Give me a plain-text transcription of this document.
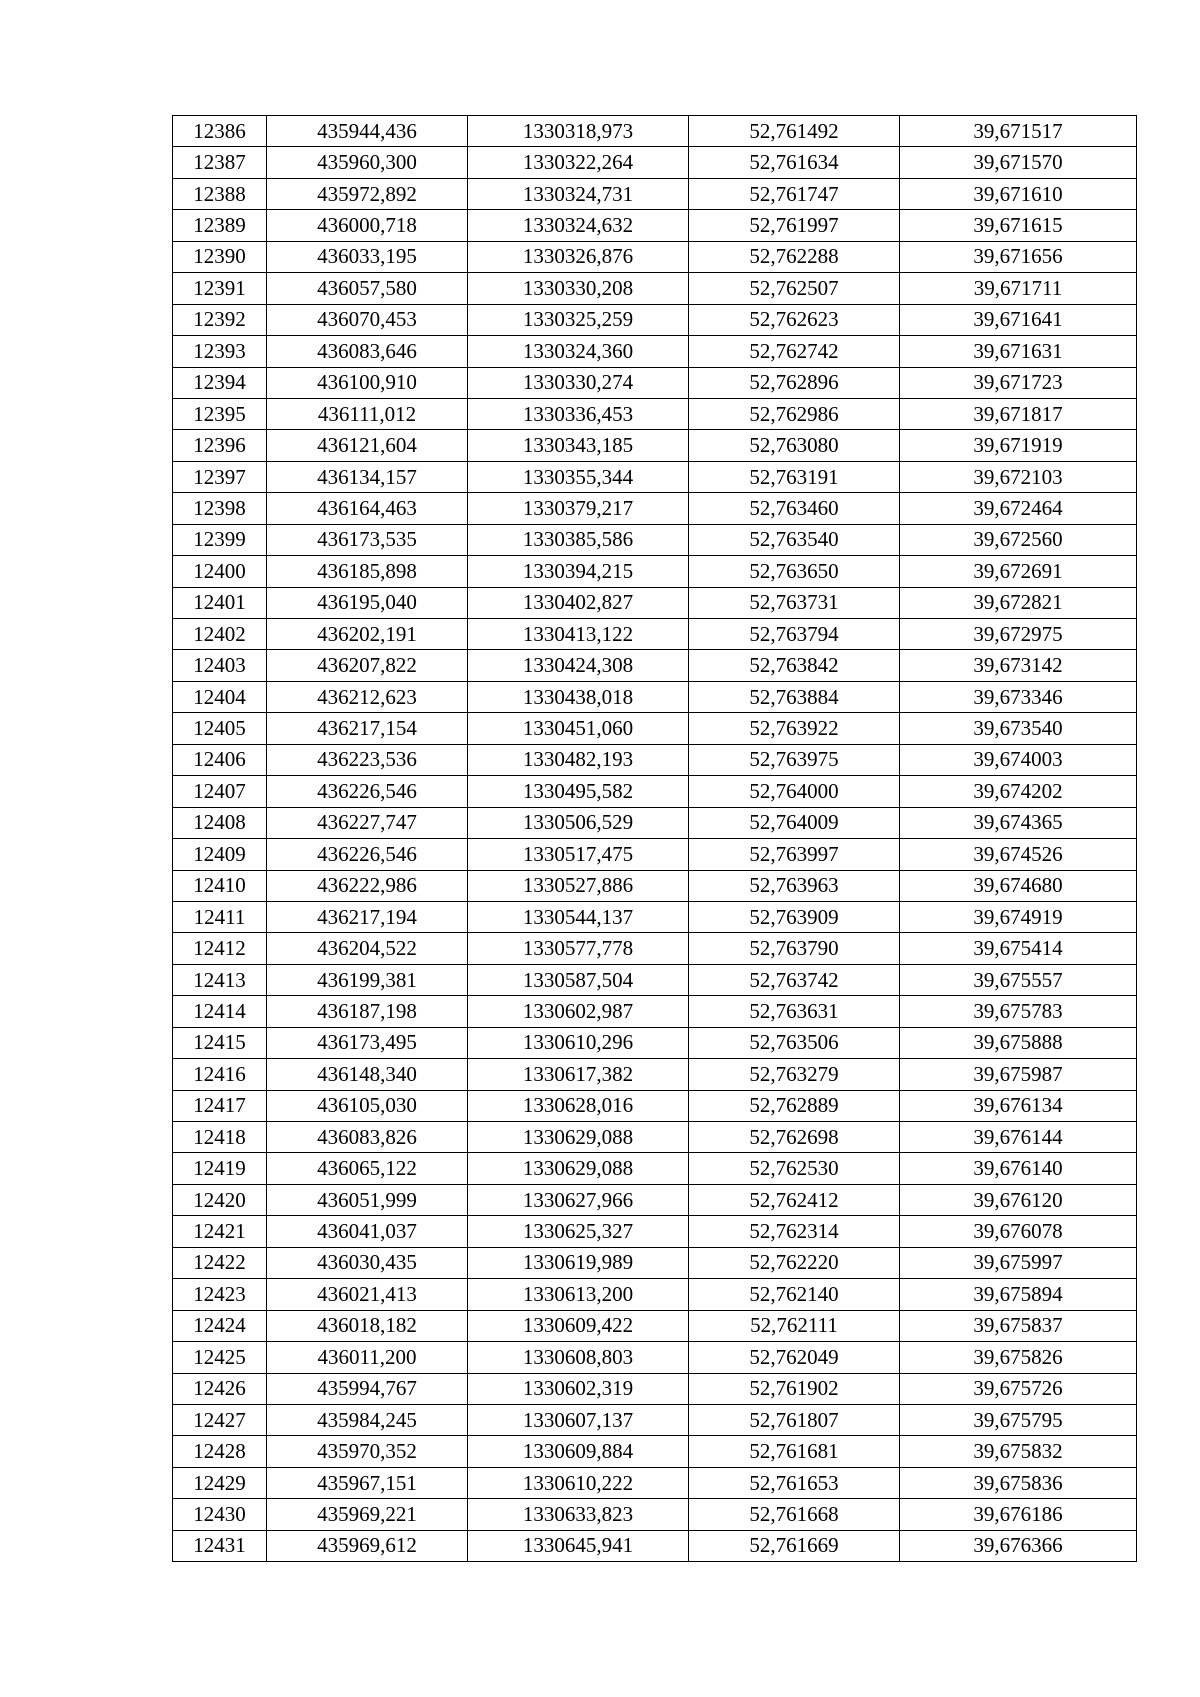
12386	435944,436	1330318,973	52,761492	39,671517
12387	435960,300	1330322,264	52,761634	39,671570
12388	435972,892	1330324,731	52,761747	39,671610
12389	436000,718	1330324,632	52,761997	39,671615
12390	436033,195	1330326,876	52,762288	39,671656
12391	436057,580	1330330,208	52,762507	39,671711
12392	436070,453	1330325,259	52,762623	39,671641
12393	436083,646	1330324,360	52,762742	39,671631
12394	436100,910	1330330,274	52,762896	39,671723
12395	436111,012	1330336,453	52,762986	39,671817
12396	436121,604	1330343,185	52,763080	39,671919
12397	436134,157	1330355,344	52,763191	39,672103
12398	436164,463	1330379,217	52,763460	39,672464
12399	436173,535	1330385,586	52,763540	39,672560
12400	436185,898	1330394,215	52,763650	39,672691
12401	436195,040	1330402,827	52,763731	39,672821
12402	436202,191	1330413,122	52,763794	39,672975
12403	436207,822	1330424,308	52,763842	39,673142
12404	436212,623	1330438,018	52,763884	39,673346
12405	436217,154	1330451,060	52,763922	39,673540
12406	436223,536	1330482,193	52,763975	39,674003
12407	436226,546	1330495,582	52,764000	39,674202
12408	436227,747	1330506,529	52,764009	39,674365
12409	436226,546	1330517,475	52,763997	39,674526
12410	436222,986	1330527,886	52,763963	39,674680
12411	436217,194	1330544,137	52,763909	39,674919
12412	436204,522	1330577,778	52,763790	39,675414
12413	436199,381	1330587,504	52,763742	39,675557
12414	436187,198	1330602,987	52,763631	39,675783
12415	436173,495	1330610,296	52,763506	39,675888
12416	436148,340	1330617,382	52,763279	39,675987
12417	436105,030	1330628,016	52,762889	39,676134
12418	436083,826	1330629,088	52,762698	39,676144
12419	436065,122	1330629,088	52,762530	39,676140
12420	436051,999	1330627,966	52,762412	39,676120
12421	436041,037	1330625,327	52,762314	39,676078
12422	436030,435	1330619,989	52,762220	39,675997
12423	436021,413	1330613,200	52,762140	39,675894
12424	436018,182	1330609,422	52,762111	39,675837
12425	436011,200	1330608,803	52,762049	39,675826
12426	435994,767	1330602,319	52,761902	39,675726
12427	435984,245	1330607,137	52,761807	39,675795
12428	435970,352	1330609,884	52,761681	39,675832
12429	435967,151	1330610,222	52,761653	39,675836
12430	435969,221	1330633,823	52,761668	39,676186
12431	435969,612	1330645,941	52,761669	39,676366
